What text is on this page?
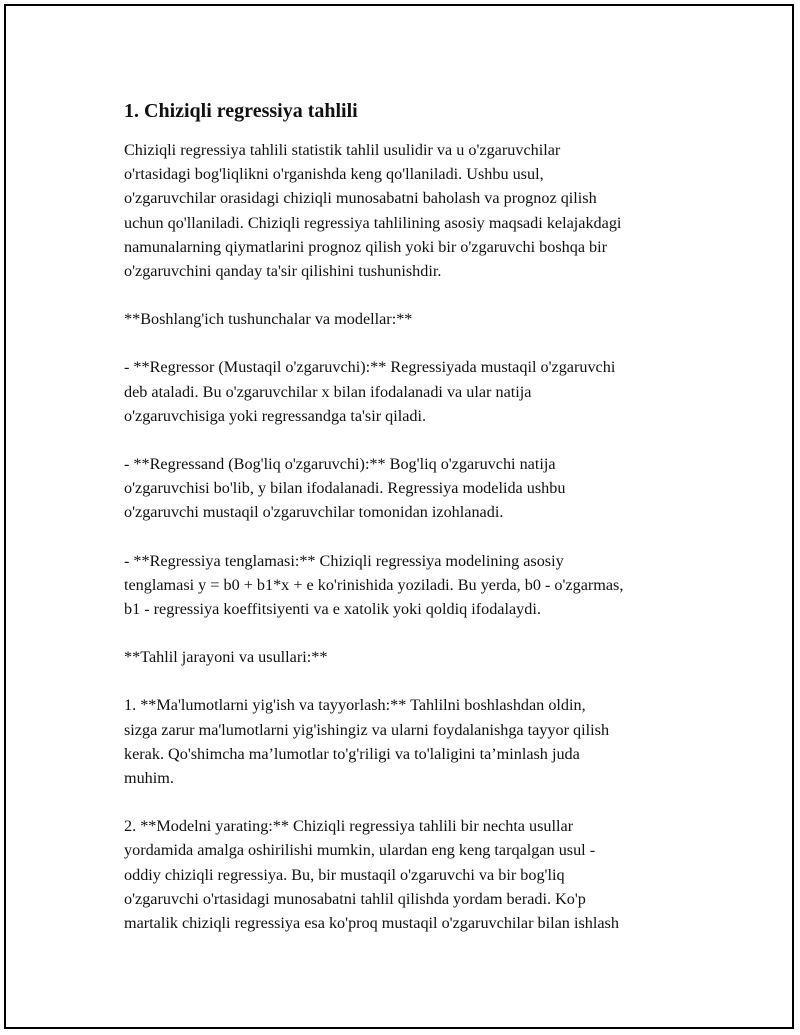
1. Chiziqli regressiya tahlili

Chiziqli regressiya tahlili statistik tahlil usulidir va u o'zgaruvchilar
o'rtasidagi bog'liqlikni o'rganishda keng qo'llaniladi. Ushbu usul,
o'zgaruvchilar orasidagi chiziqli munosabatni baholash va prognoz qilish
uchun qo'llaniladi. Chiziqli regressiya tahlilining asosiy maqsadi kelajakdagi
namunalarning qiymatlarini prognoz qilish yoki bir o'zgaruvchi boshqa bir
o'zgaruvchini qanday ta'sir qilishini tushunishdir.

**Boshlang'ich tushunchalar va modellar:**

- **Regressor (Mustaqil o'zgaruvchi):** Regressiyada mustaqil o'zgaruvchi
deb ataladi. Bu o'zgaruvchilar x bilan ifodalanadi va ular natija
o'zgaruvchisiga yoki regressandga ta'sir qiladi.

- **Regressand (Bog'liq o'zgaruvchi):** Bog'liq o'zgaruvchi natija
o'zgaruvchisi bo'lib, y bilan ifodalanadi. Regressiya modelida ushbu
o'zgaruvchi mustaqil o'zgaruvchilar tomonidan izohlanadi.

- **Regressiya tenglamasi:** Chiziqli regressiya modelining asosiy
tenglamasi y = b0 + b1*x + e ko'rinishida yoziladi. Bu yerda, b0 - o'zgarmas,
b1 - regressiya koeffitsiyenti va e xatolik yoki qoldiq ifodalaydi.

**Tahlil jarayoni va usullari:**

1. **Ma'lumotlarni yig'ish va tayyorlash:** Tahlilni boshlashdan oldin,
sizga zarur ma'lumotlarni yig'ishingiz va ularni foydalanishga tayyor qilish
kerak. Qo'shimcha ma’lumotlar to'g'riligi va to'laligini ta’minlash juda
muhim.

2. **Modelni yarating:** Chiziqli regressiya tahlili bir nechta usullar
yordamida amalga oshirilishi mumkin, ulardan eng keng tarqalgan usul -
oddiy chiziqli regressiya. Bu, bir mustaqil o'zgaruvchi va bir bog'liq
o'zgaruvchi o'rtasidagi munosabatni tahlil qilishda yordam beradi. Ko'p
martalik chiziqli regressiya esa ko'proq mustaqil o'zgaruvchilar bilan ishlash
